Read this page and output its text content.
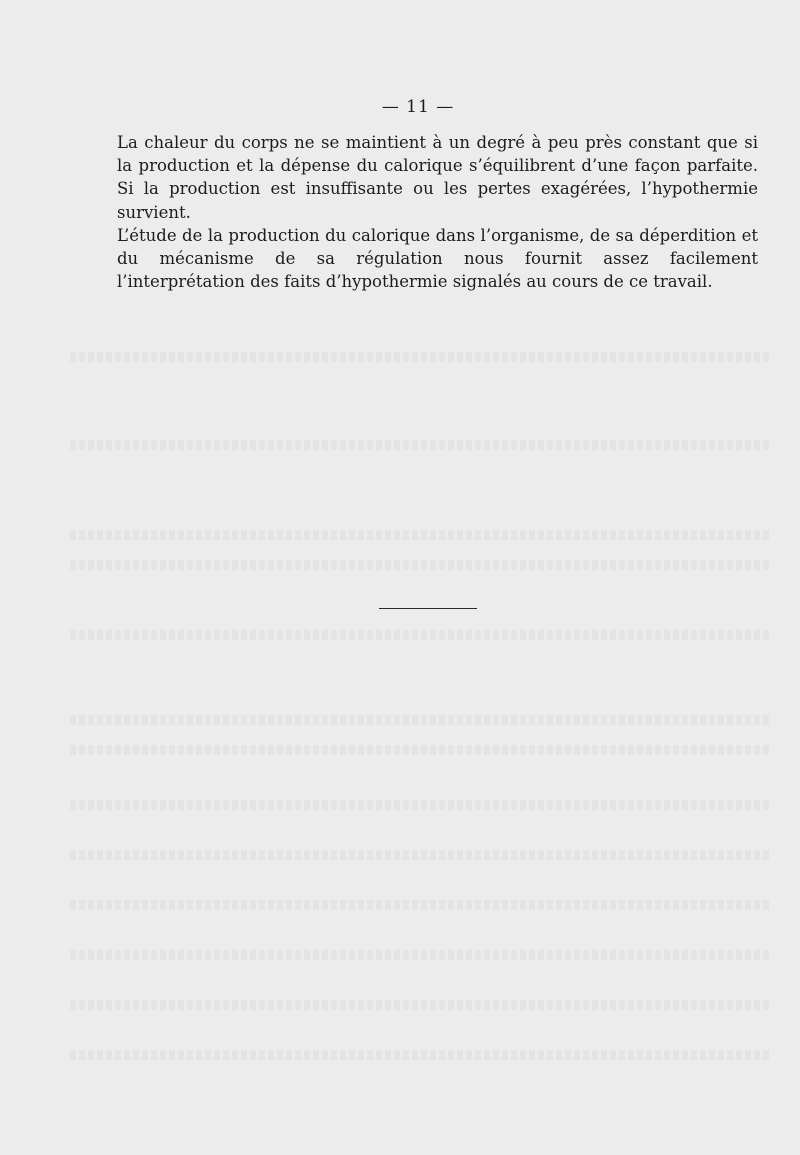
— 11 —

La chaleur du corps ne se maintient à un degré à peu près constant que si la production et la dépense du calorique s’équilibrent d’une façon parfaite. Si la production est insuffisante ou les pertes exagérées, l’hypothermie survient.

L’étude de la production du calorique dans l’organisme, de sa déperdition et du mécanisme de sa régulation nous fournit assez facilement l’interprétation des faits d’hypothermie signalés au cours de ce travail.
